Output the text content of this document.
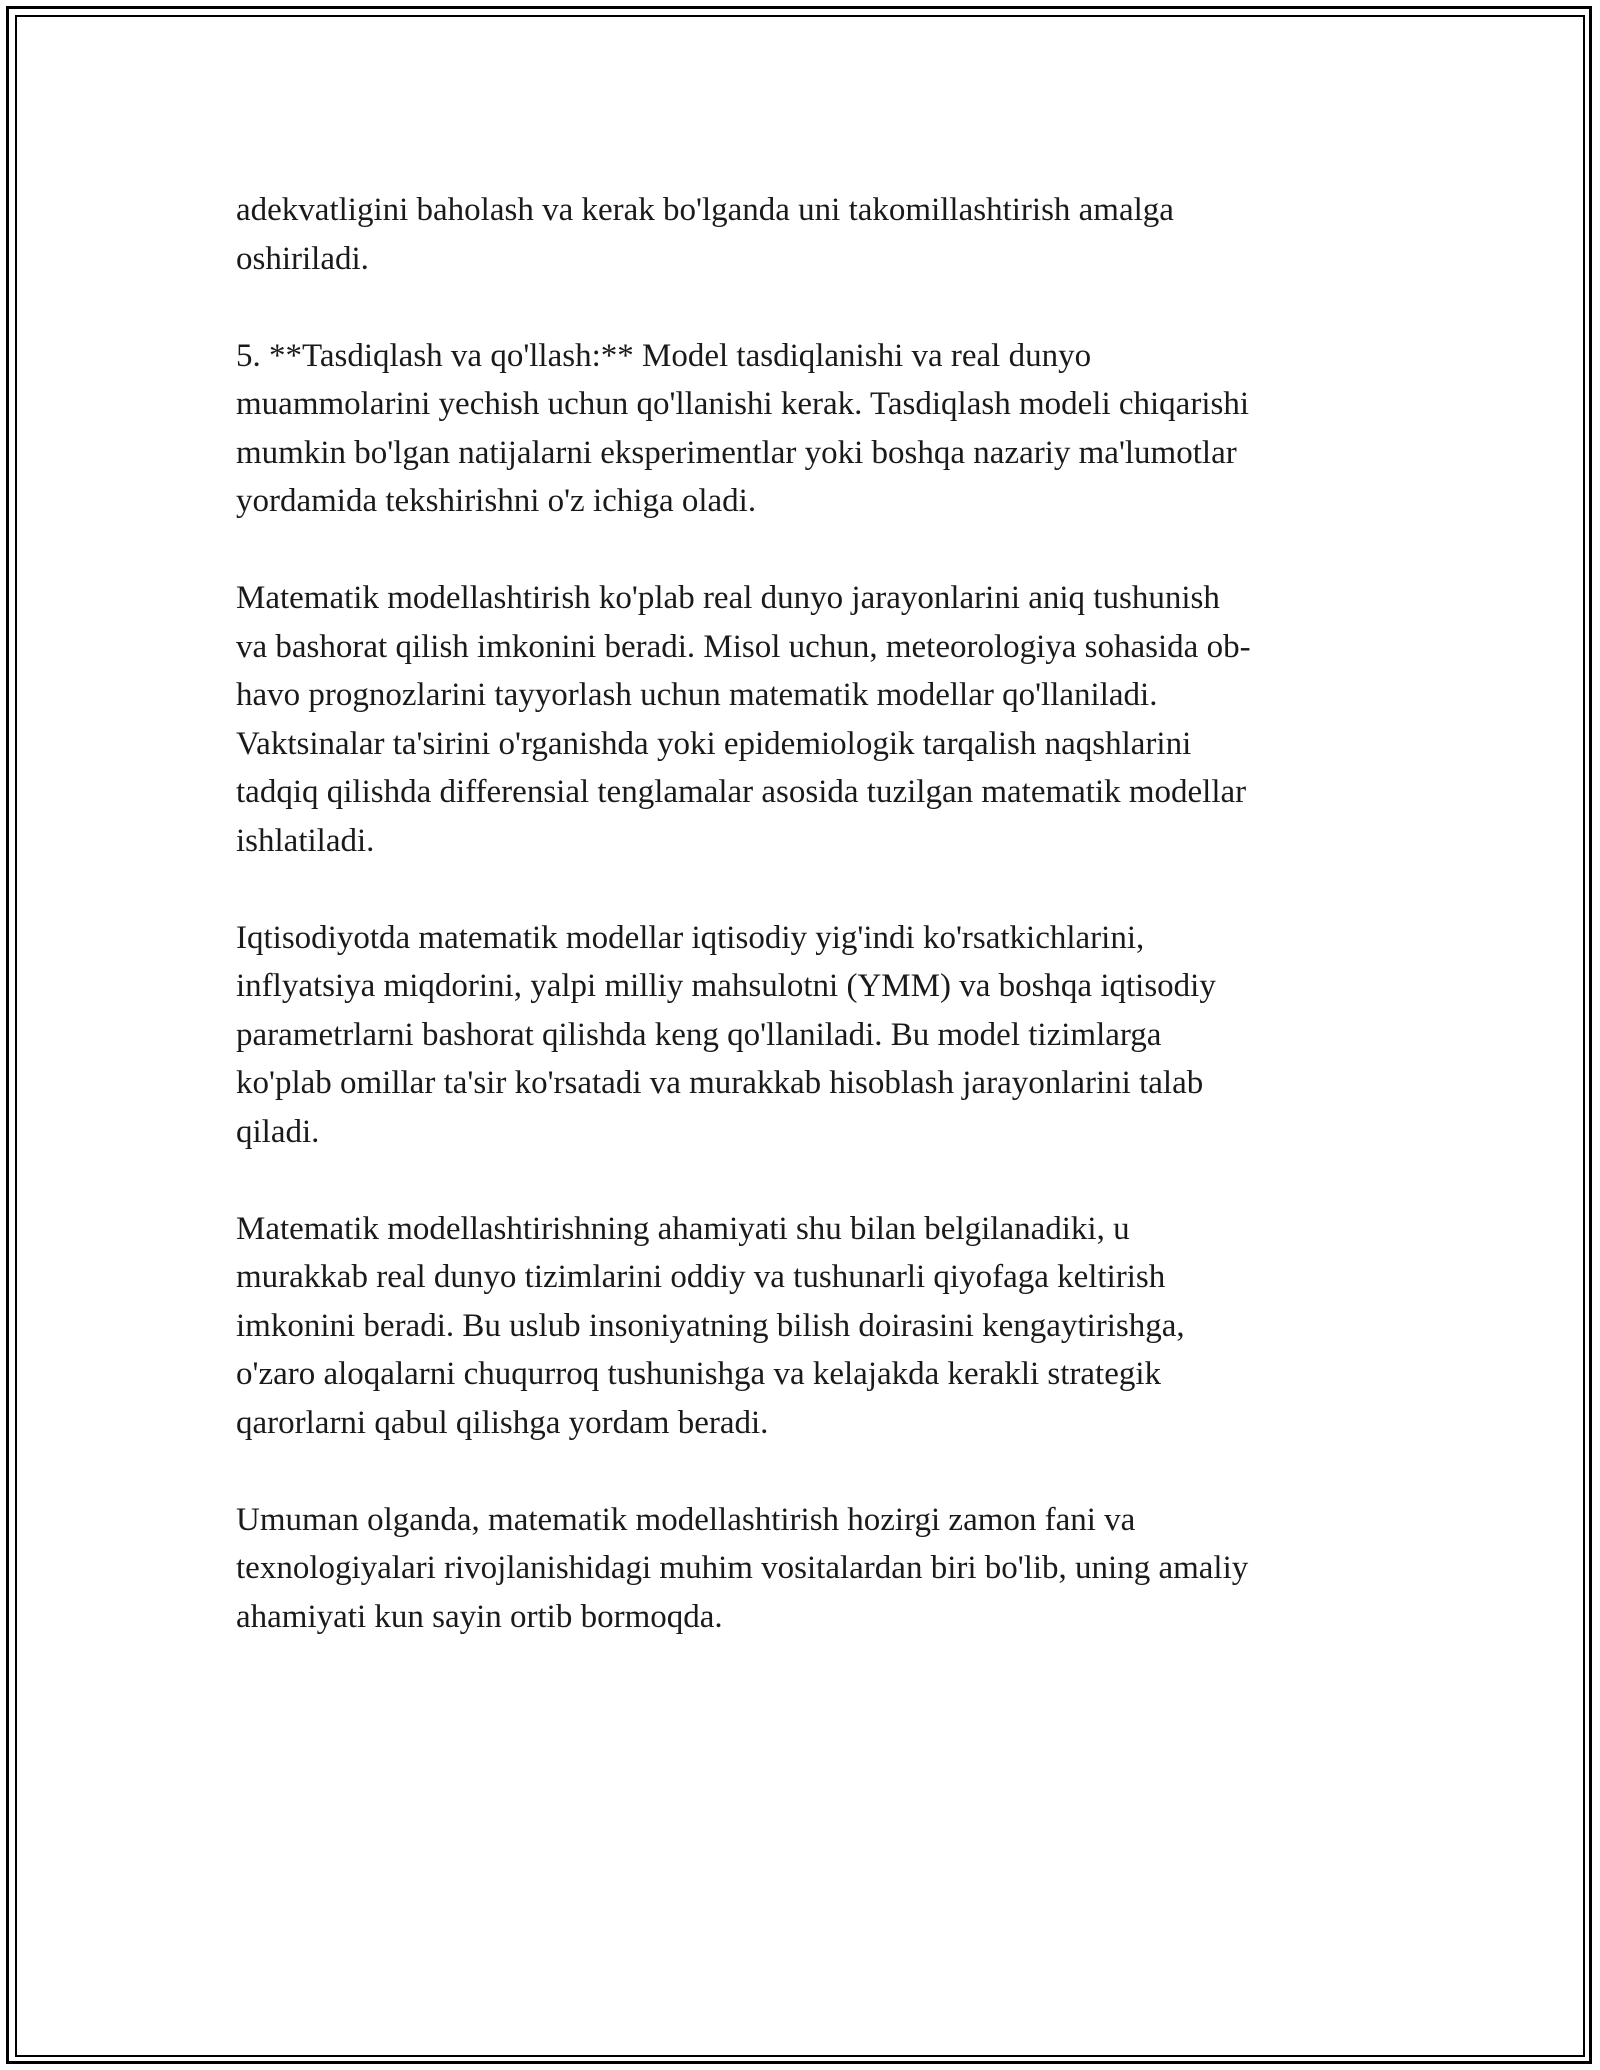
adekvatligini baholash va kerak bo'lganda uni takomillashtirish amalga
oshiriladi.

5. **Tasdiqlash va qo'llash:** Model tasdiqlanishi va real dunyo
muammolarini yechish uchun qo'llanishi kerak. Tasdiqlash modeli chiqarishi
mumkin bo'lgan natijalarni eksperimentlar yoki boshqa nazariy ma'lumotlar
yordamida tekshirishni o'z ichiga oladi.

Matematik modellashtirish ko'plab real dunyo jarayonlarini aniq tushunish
va bashorat qilish imkonini beradi. Misol uchun, meteorologiya sohasida ob-
havo prognozlarini tayyorlash uchun matematik modellar qo'llaniladi.
Vaktsinalar ta'sirini o'rganishda yoki epidemiologik tarqalish naqshlarini
tadqiq qilishda differensial tenglamalar asosida tuzilgan matematik modellar
ishlatiladi.

Iqtisodiyotda matematik modellar iqtisodiy yig'indi ko'rsatkichlarini,
inflyatsiya miqdorini, yalpi milliy mahsulotni (YMM) va boshqa iqtisodiy
parametrlarni bashorat qilishda keng qo'llaniladi. Bu model tizimlarga
ko'plab omillar ta'sir ko'rsatadi va murakkab hisoblash jarayonlarini talab
qiladi.

Matematik modellashtirishning ahamiyati shu bilan belgilanadiki, u
murakkab real dunyo tizimlarini oddiy va tushunarli qiyofaga keltirish
imkonini beradi. Bu uslub insoniyatning bilish doirasini kengaytirishga,
o'zaro aloqalarni chuqurroq tushunishga va kelajakda kerakli strategik
qarorlarni qabul qilishga yordam beradi.

Umuman olganda, matematik modellashtirish hozirgi zamon fani va
texnologiyalari rivojlanishidagi muhim vositalardan biri bo'lib, uning amaliy
ahamiyati kun sayin ortib bormoqda.
